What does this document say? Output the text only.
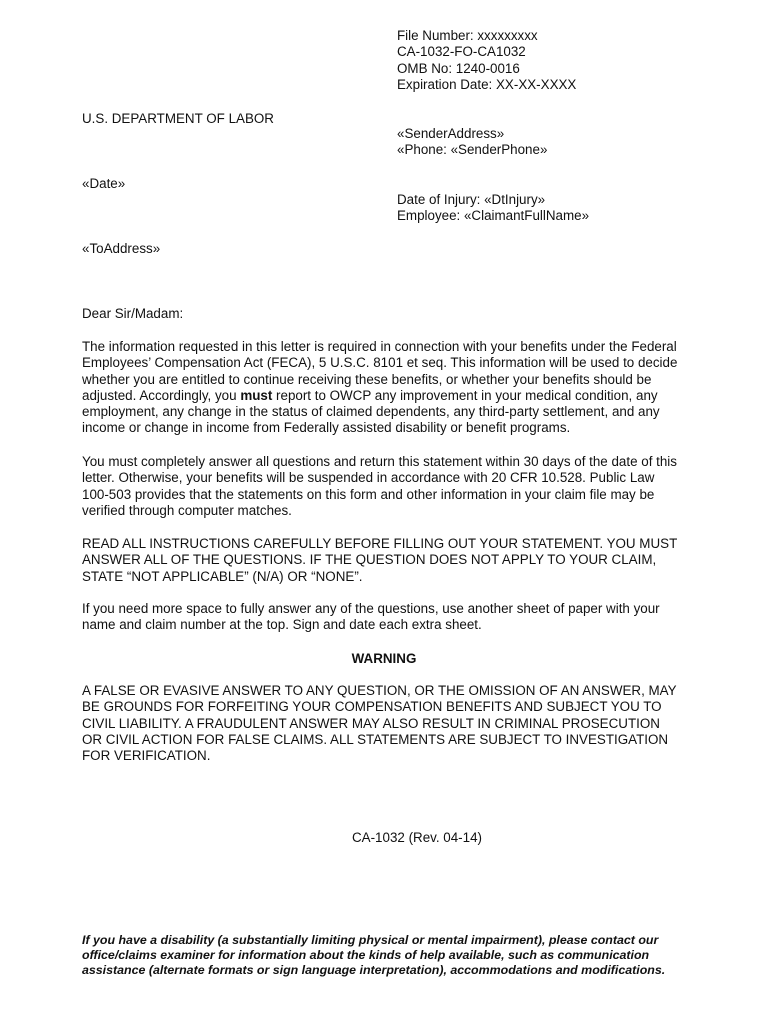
File Number: xxxxxxxxx
CA-1032-FO-CA1032
OMB No: 1240-0016
Expiration Date: XX-XX-XXXX
U.S. DEPARTMENT OF LABOR
«SenderAddress»
«Phone: «SenderPhone»
«Date»
Date of Injury: «DtInjury»
Employee: «ClaimantFullName»
«ToAddress»
Dear Sir/Madam:
The information requested in this letter is required in connection with your benefits under the Federal
Employees’ Compensation Act (FECA), 5 U.S.C. 8101 et seq. This information will be used to decide
whether you are entitled to continue receiving these benefits, or whether your benefits should be
adjusted. Accordingly, you must report to OWCP any improvement in your medical condition, any
employment, any change in the status of claimed dependents, any third-party settlement, and any
income or change in income from Federally assisted disability or benefit programs.
You must completely answer all questions and return this statement within 30 days of the date of this
letter. Otherwise, your benefits will be suspended in accordance with 20 CFR 10.528. Public Law
100-503 provides that the statements on this form and other information in your claim file may be
verified through computer matches.
READ ALL INSTRUCTIONS CAREFULLY BEFORE FILLING OUT YOUR STATEMENT. YOU MUST
ANSWER ALL OF THE QUESTIONS. IF THE QUESTION DOES NOT APPLY TO YOUR CLAIM,
STATE “NOT APPLICABLE” (N/A) OR “NONE”.
If you need more space to fully answer any of the questions, use another sheet of paper with your
name and claim number at the top. Sign and date each extra sheet.
WARNING
A FALSE OR EVASIVE ANSWER TO ANY QUESTION, OR THE OMISSION OF AN ANSWER, MAY
BE GROUNDS FOR FORFEITING YOUR COMPENSATION BENEFITS AND SUBJECT YOU TO
CIVIL LIABILITY. A FRAUDULENT ANSWER MAY ALSO RESULT IN CRIMINAL PROSECUTION
OR CIVIL ACTION FOR FALSE CLAIMS. ALL STATEMENTS ARE SUBJECT TO INVESTIGATION
FOR VERIFICATION.
CA-1032 (Rev. 04-14)
If you have a disability (a substantially limiting physical or mental impairment), please contact our
office/claims examiner for information about the kinds of help available, such as communication
assistance (alternate formats or sign language interpretation), accommodations and modifications.
